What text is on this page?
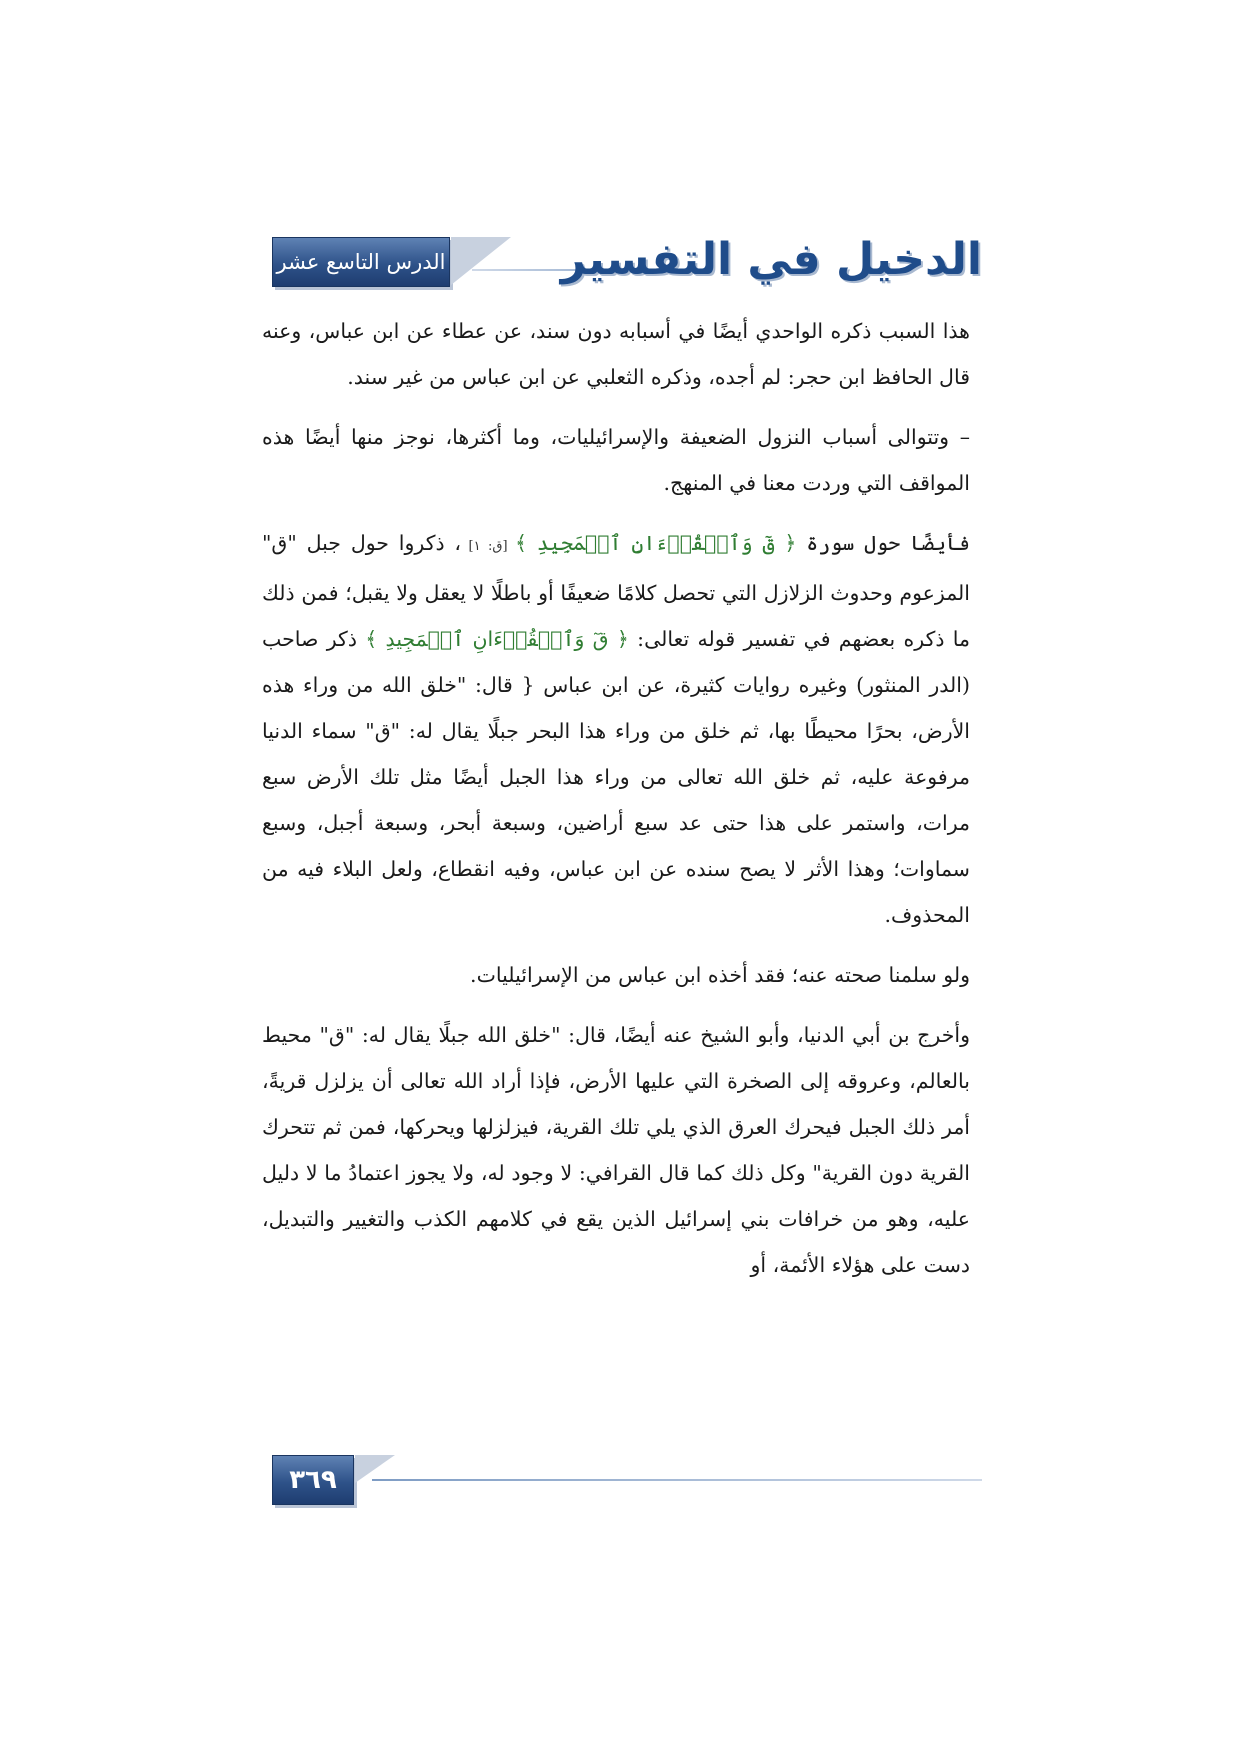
الدرس التاسع عشر	الدخيل في التفسير

هذا السبب ذكره الواحدي أيضًا في أسبابه دون سند، عن عطاء عن ابن عباس، وعنه قال الحافظ ابن حجر: لم أجده، وذكره الثعلبي عن ابن عباس من غير سند.

– وتتوالى أسباب النزول الضعيفة والإسرائيليات، وما أكثرها، نوجز منها أيضًا هذه المواقف التي وردت معنا في المنهج.

فأيضًا حول سورة ﴿ قٓ وَٱلۡقُرۡءَانِ ٱلۡمَجِيدِ ﴾ [ق: ١] ، ذكروا حول جبل "ق" المزعوم وحدوث الزلازل التي تحصل كلامًا ضعيفًا أو باطلًا لا يعقل ولا يقبل؛ فمن ذلك ما ذكره بعضهم في تفسير قوله تعالى: ﴿ قٓ وَٱلۡقُرۡءَانِ ٱلۡمَجِيدِ ﴾ ذكر صاحب (الدر المنثور) وغيره روايات كثيرة، عن ابن عباس { قال: "خلق الله من وراء هذه الأرض، بحرًا محيطًا بها، ثم خلق من وراء هذا البحر جبلًا يقال له: "ق" سماء الدنيا مرفوعة عليه، ثم خلق الله تعالى من وراء هذا الجبل أيضًا مثل تلك الأرض سبع مرات، واستمر على هذا حتى عد سبع أراضين، وسبعة أبحر، وسبعة أجبل، وسبع سماوات؛ وهذا الأثر لا يصح سنده عن ابن عباس، وفيه انقطاع، ولعل البلاء فيه من المحذوف.

ولو سلمنا صحته عنه؛ فقد أخذه ابن عباس من الإسرائيليات.

وأخرج بن أبي الدنيا، وأبو الشيخ عنه أيضًا، قال: "خلق الله جبلًا يقال له: "ق" محيط بالعالم، وعروقه إلى الصخرة التي عليها الأرض، فإذا أراد الله تعالى أن يزلزل قريةً، أمر ذلك الجبل فيحرك العرق الذي يلي تلك القرية، فيزلزلها ويحركها، فمن ثم تتحرك القرية دون القرية" وكل ذلك كما قال القرافي: لا وجود له، ولا يجوز اعتمادُ ما لا دليل عليه، وهو من خرافات بني إسرائيل الذين يقع في كلامهم الكذب والتغيير والتبديل، دست على هؤلاء الأئمة، أو

٣٦٩
